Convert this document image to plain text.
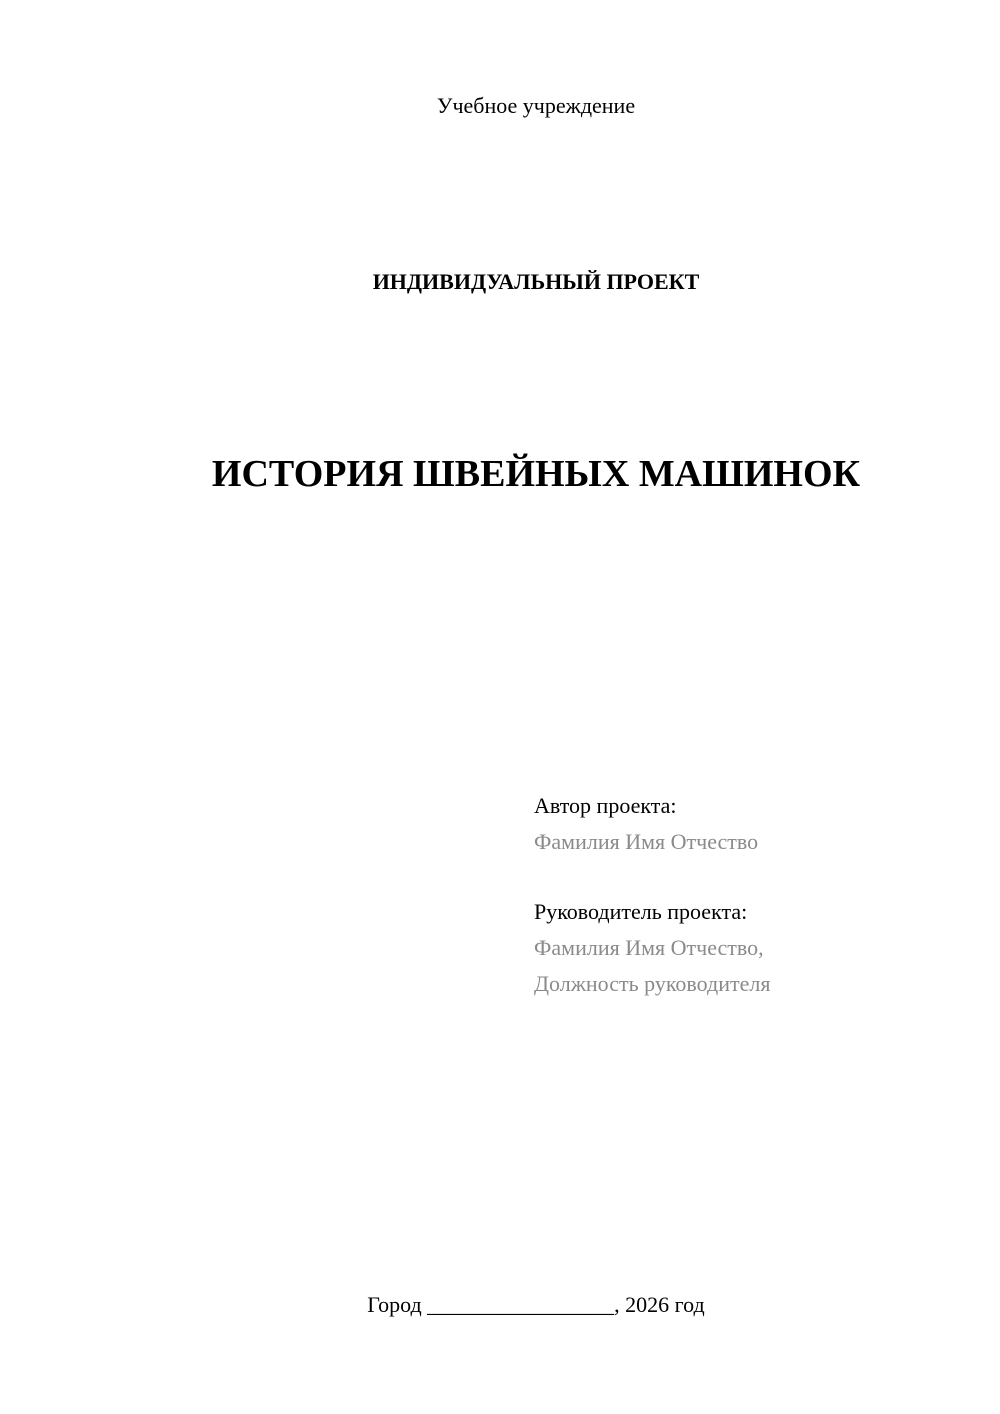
Учебное учреждение
ИНДИВИДУАЛЬНЫЙ ПРОЕКТ
ИСТОРИЯ ШВЕЙНЫХ МАШИНОК
Автор проекта:
Фамилия Имя Отчество
Руководитель проекта:
Фамилия Имя Отчество,
Должность руководителя
Город _________________, 2026 год
